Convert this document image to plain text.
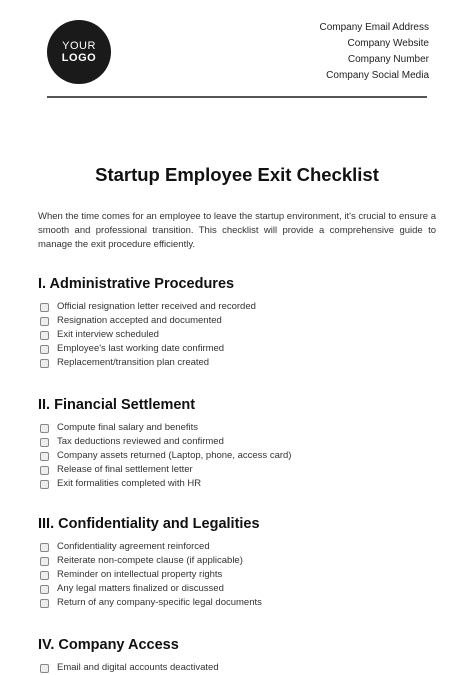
YOUR
LOGO
Company Email Address
Company Website
Company Number
Company Social Media
Startup Employee Exit Checklist
When the time comes for an employee to leave the startup environment, it's crucial to ensure a smooth and professional transition. This checklist will provide a comprehensive guide to manage the exit procedure efficiently.
I. Administrative Procedures
Official resignation letter received and recorded
Resignation accepted and documented
Exit interview scheduled
Employee's last working date confirmed
Replacement/transition plan created
II. Financial Settlement
Compute final salary and benefits
Tax deductions reviewed and confirmed
Company assets returned (Laptop, phone, access card)
Release of final settlement letter
Exit formalities completed with HR
III. Confidentiality and Legalities
Confidentiality agreement reinforced
Reiterate non-compete clause (if applicable)
Reminder on intellectual property rights
Any legal matters finalized or discussed
Return of any company-specific legal documents
IV. Company Access
Email and digital accounts deactivated
